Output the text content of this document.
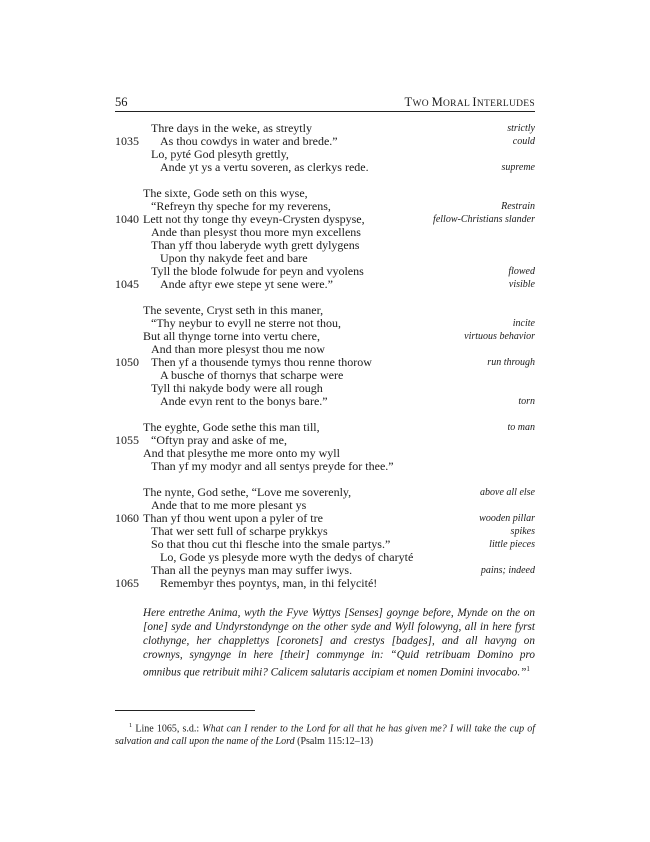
56	TWO MORAL INTERLUDES
Thre days in the weke, as streytly	strictly
1035 As thou cowdys in water and brede.”	could
Lo, pyté God plesyth grettly,
Ande yt ys a vertu soveren, as clerkys rede.	supreme
The sixte, Gode seth on this wyse,
“Refreyn thy speche for my reverens,	Restrain
1040 Lett not thy tonge thy eveyn-Crysten dyspyse,	fellow-Christians slander
Ande than plesyst thou more myn excellens
Than yff thou laberyde wyth grett dylygens
Upon thy nakyde feet and bare
Tyll the blode folwude for peyn and vyolens	flowed
1045 Ande aftyr ewe stepe yt sene were.”	visible
The sevente, Cryst seth in this maner,
“Thy neybur to evyll ne sterre not thou,	incite
But all thynge torne into vertu chere,	virtuous behavior
And than more plesyst thou me now
1050 Then yf a thousende tymys thou renne thorow	run through
A busche of thornys that scharpe were
Tyll thi nakyde body were all rough
Ande evyn rent to the bonys bare.”	torn
The eyghte, Gode sethe this man till,	to man
1055 “Oftyn pray and aske of me,
And that plesythe me more onto my wyll
Than yf my modyr and all sentys preyde for thee.”
The nynte, God sethe, “Love me soverenly,	above all else
Ande that to me more plesant ys
1060 Than yf thou went upon a pyler of tre	wooden pillar
That wer sett full of scharpe prykkys	spikes
So that thou cut thi flesche into the smale partys.”	little pieces
Lo, Gode ys plesyde more wyth the dedys of charyté
Than all the peynys man may suffer iwys.	pains; indeed
1065 Remembyr thes poyntys, man, in thi felycité!
Here entrethe Anima, wyth the Fyve Wyttys [Senses] goynge before, Mynde on the on [one] syde and Undyrstondynge on the other syde and Wyll folowyng, all in here fyrst clothynge, her chapplettys [coronets] and crestys [badges], and all havyng on crownys, syngynge in here [their] commynge in: “Quid retribuam Domino pro omnibus que retribuit mihi? Calicem salutaris accipiam et nomen Domini invocabo.”$^1$
$^1$ Line 1065, s.d.: What can I render to the Lord for all that he has given me? I will take the cup of salvation and call upon the name of the Lord (Psalm 115:12–13)
